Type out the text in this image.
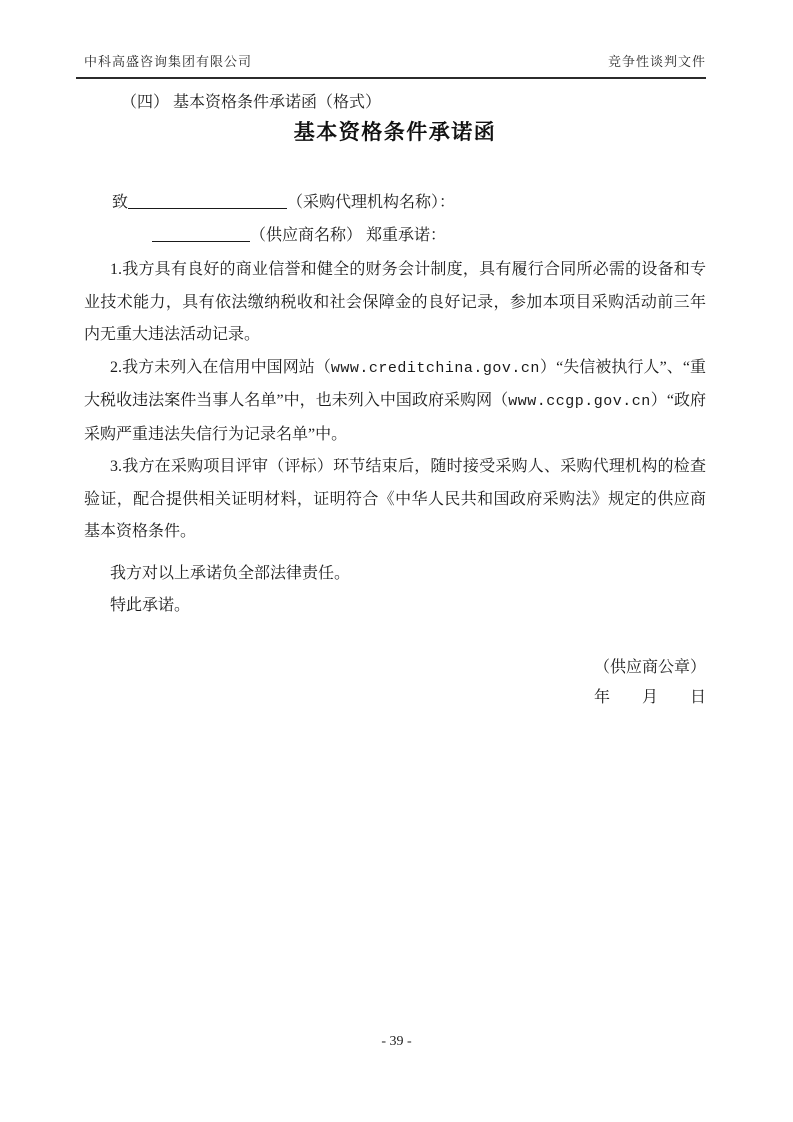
中科高盛咨询集团有限公司	竞争性谈判文件
（四） 基本资格条件承诺函（格式）
基本资格条件承诺函
致	（采购代理机构名称）：
（供应商名称） 郑重承诺：

1.我方具有良好的商业信誉和健全的财务会计制度，具有履行合同所必需的设备和专业技术能力，具有依法缴纳税收和社会保障金的良好记录，参加本项目采购活动前三年内无重大违法活动记录。

2.我方未列入在信用中国网站（www.creditchina.gov.cn）“失信被执行人”、“重大税收违法案件当事人名单”中，也未列入中国政府采购网（www.ccgp.gov.cn）“政府采购严重违法失信行为记录名单”中。

3.我方在采购项目评审（评标）环节结束后，随时接受采购人、采购代理机构的检查验证，配合提供相关证明材料，证明符合《中华人民共和国政府采购法》规定的供应商基本资格条件。

我方对以上承诺负全部法律责任。

特此承诺。

（供应商公章）
年　　月　　日
- 39 -
